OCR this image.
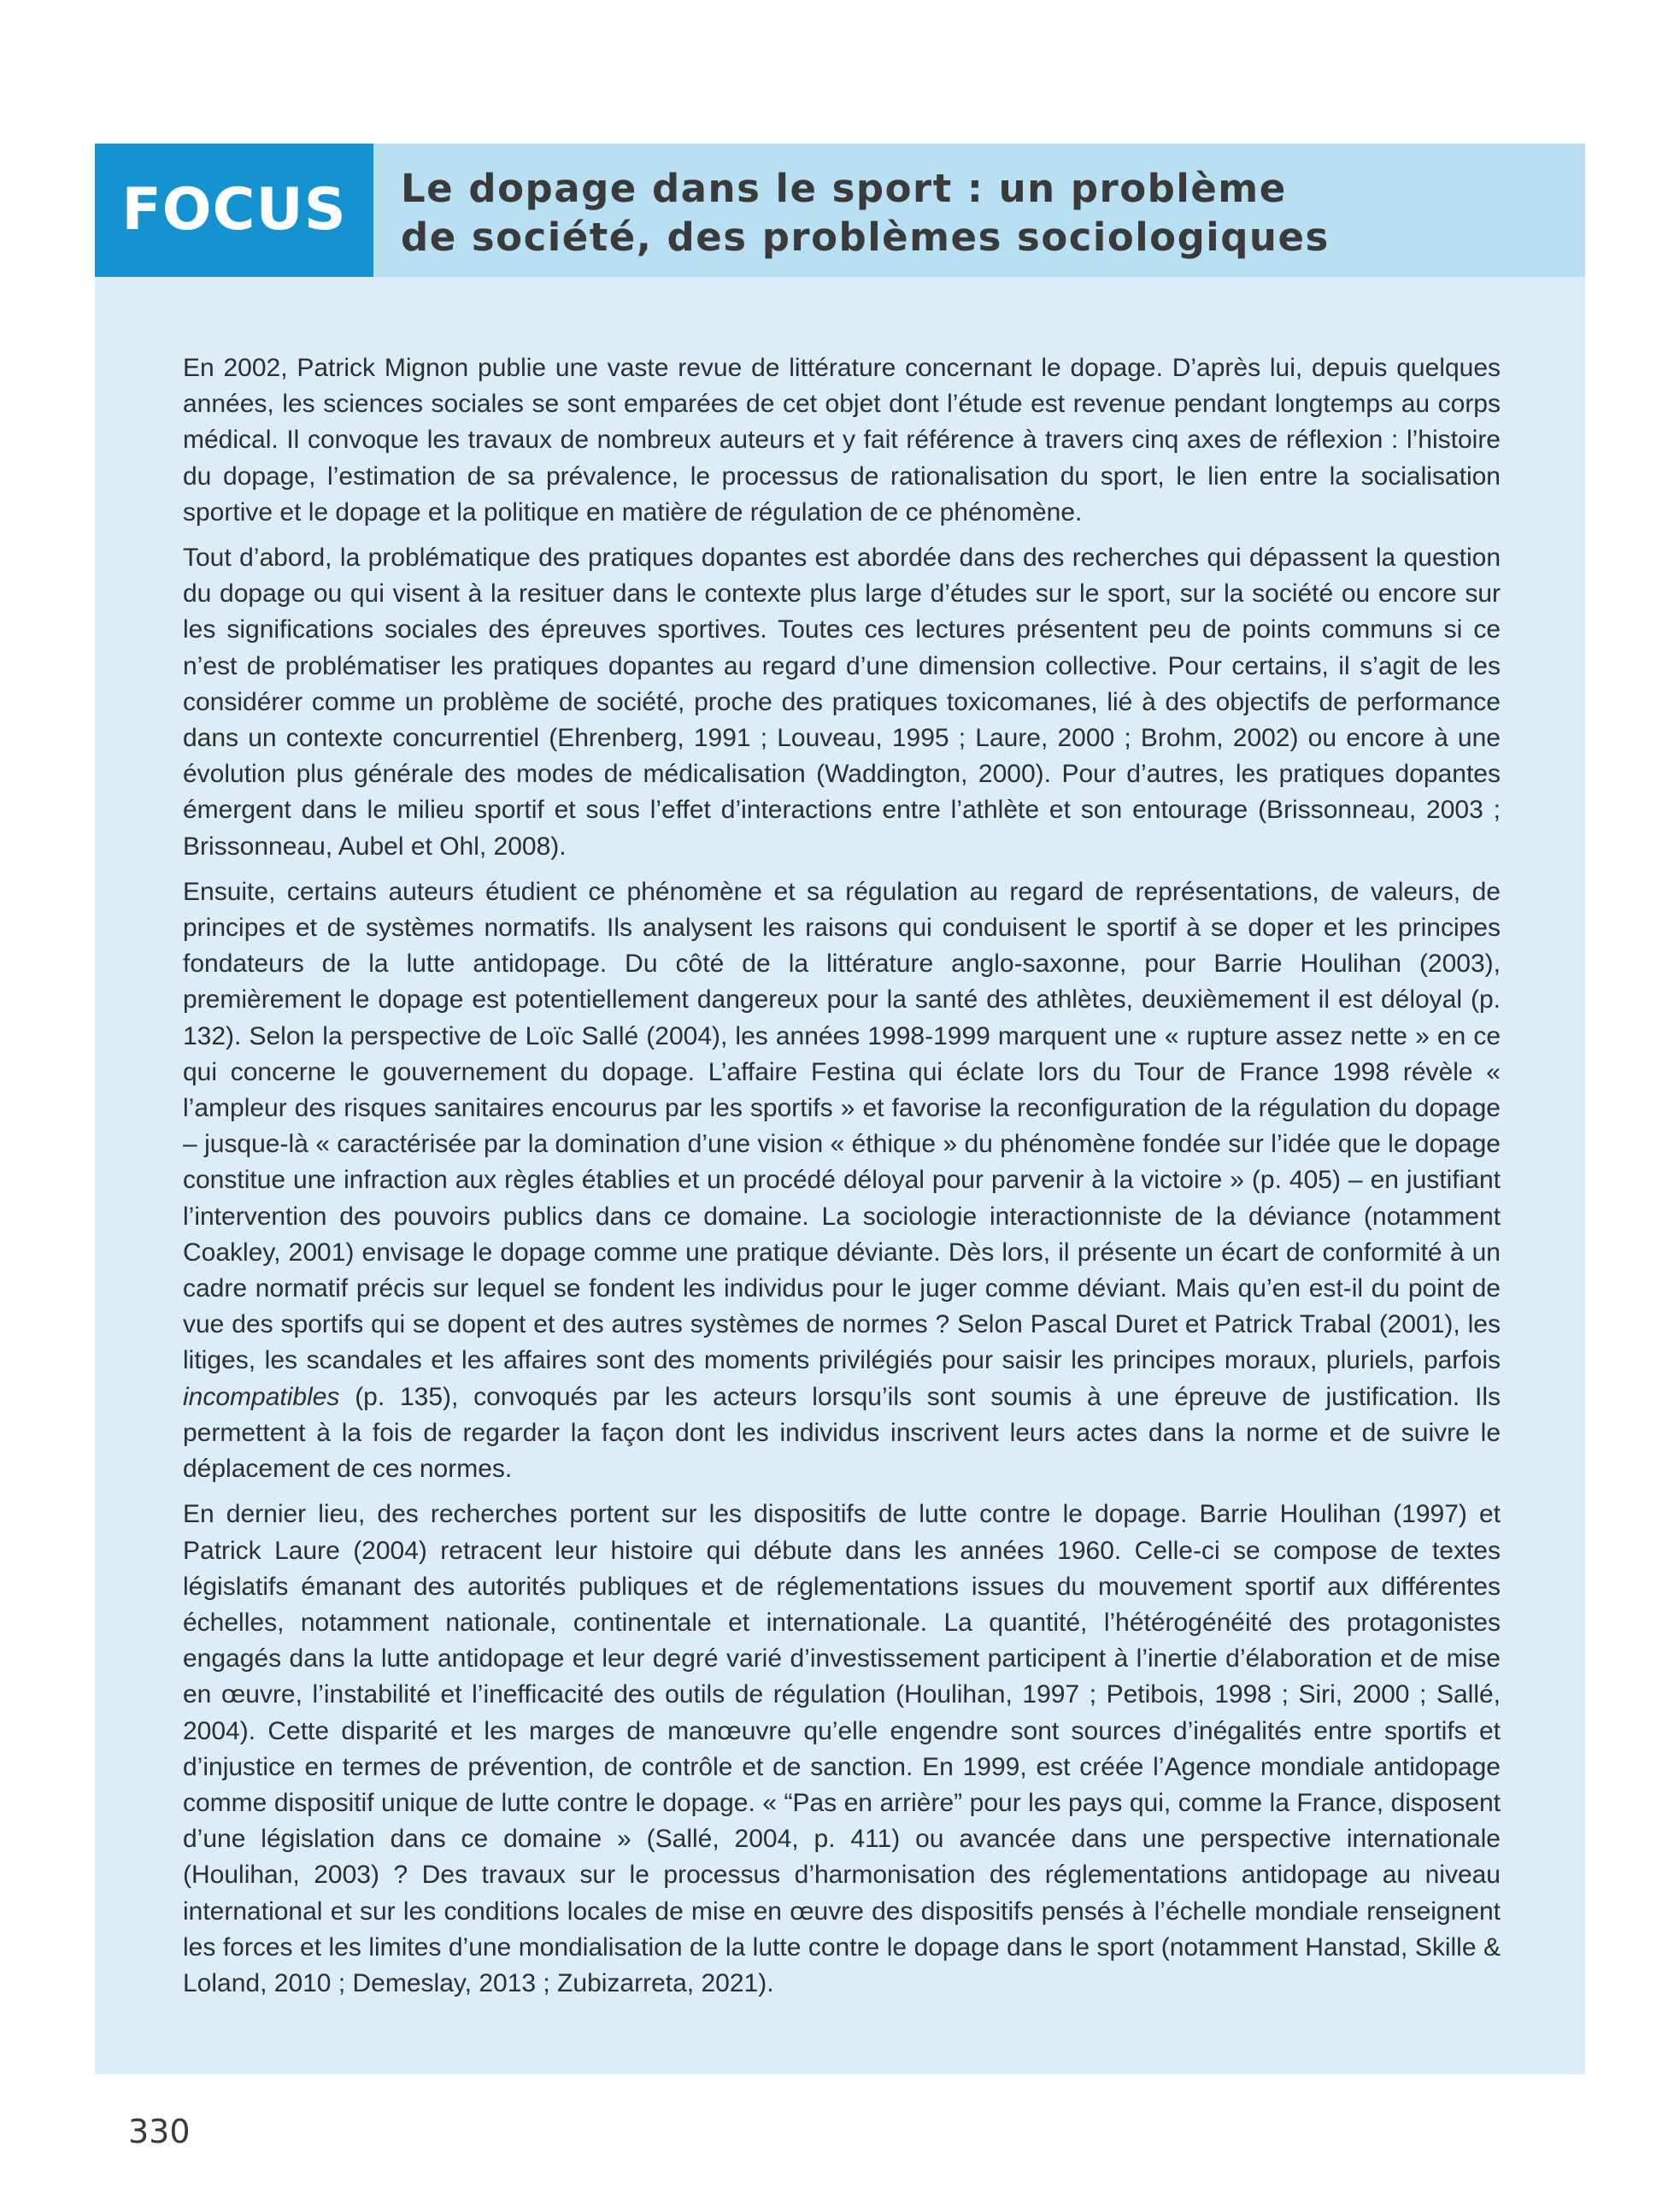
FOCUS	Le dopage dans le sport : un problème
de société, des problèmes sociologiques

En 2002, Patrick Mignon publie une vaste revue de littérature concernant le dopage. D’après lui, depuis quelques années, les sciences sociales se sont emparées de cet objet dont l’étude est revenue pendant longtemps au corps médical. Il convoque les travaux de nombreux auteurs et y fait référence à travers cinq axes de réflexion : l’histoire du dopage, l’estimation de sa prévalence, le processus de rationalisation du sport, le lien entre la socialisation sportive et le dopage et la politique en matière de régulation de ce phénomène.

Tout d’abord, la problématique des pratiques dopantes est abordée dans des recherches qui dépassent la question du dopage ou qui visent à la resituer dans le contexte plus large d’études sur le sport, sur la société ou encore sur les significations sociales des épreuves sportives. Toutes ces lectures présentent peu de points communs si ce n’est de problématiser les pratiques dopantes au regard d’une dimension collective. Pour certains, il s’agit de les considérer comme un problème de société, proche des pratiques toxicomanes, lié à des objectifs de performance dans un contexte concurrentiel (Ehrenberg, 1991 ; Louveau, 1995 ; Laure, 2000 ; Brohm, 2002) ou encore à une évolution plus générale des modes de médicalisation (Waddington, 2000). Pour d’autres, les pratiques dopantes émergent dans le milieu sportif et sous l’effet d’interactions entre l’athlète et son entourage (Brissonneau, 2003 ; Brissonneau, Aubel et Ohl, 2008).

Ensuite, certains auteurs étudient ce phénomène et sa régulation au regard de représentations, de valeurs, de principes et de systèmes normatifs. Ils analysent les raisons qui conduisent le sportif à se doper et les principes fondateurs de la lutte antidopage. Du côté de la littérature anglo-saxonne, pour Barrie Houlihan (2003), premièrement le dopage est potentiellement dangereux pour la santé des athlètes, deuxièmement il est déloyal (p. 132). Selon la perspective de Loïc Sallé (2004), les années 1998-1999 marquent une « rupture assez nette » en ce qui concerne le gouvernement du dopage. L’affaire Festina qui éclate lors du Tour de France 1998 révèle « l’ampleur des risques sanitaires encourus par les sportifs » et favorise la reconfiguration de la régulation du dopage – jusque-là « caractérisée par la domination d’une vision « éthique » du phénomène fondée sur l’idée que le dopage constitue une infraction aux règles établies et un procédé déloyal pour parvenir à la victoire » (p. 405) – en justifiant l’intervention des pouvoirs publics dans ce domaine. La sociologie interactionniste de la déviance (notamment Coakley, 2001) envisage le dopage comme une pratique déviante. Dès lors, il présente un écart de conformité à un cadre normatif précis sur lequel se fondent les individus pour le juger comme déviant. Mais qu’en est-il du point de vue des sportifs qui se dopent et des autres systèmes de normes ? Selon Pascal Duret et Patrick Trabal (2001), les litiges, les scandales et les affaires sont des moments privilégiés pour saisir les principes moraux, pluriels, parfois incompatibles (p. 135), convoqués par les acteurs lorsqu’ils sont soumis à une épreuve de justification. Ils permettent à la fois de regarder la façon dont les individus inscrivent leurs actes dans la norme et de suivre le déplacement de ces normes.

En dernier lieu, des recherches portent sur les dispositifs de lutte contre le dopage. Barrie Houlihan (1997) et Patrick Laure (2004) retracent leur histoire qui débute dans les années 1960. Celle-ci se compose de textes législatifs émanant des autorités publiques et de réglementations issues du mouvement sportif aux différentes échelles, notamment nationale, continentale et internationale. La quantité, l’hétérogénéité des protagonistes engagés dans la lutte antidopage et leur degré varié d’investissement participent à l’inertie d’élaboration et de mise en œuvre, l’instabilité et l’inefficacité des outils de régulation (Houlihan, 1997 ; Petibois, 1998 ; Siri, 2000 ; Sallé, 2004). Cette disparité et les marges de manœuvre qu’elle engendre sont sources d’inégalités entre sportifs et d’injustice en termes de prévention, de contrôle et de sanction. En 1999, est créée l’Agence mondiale antidopage comme dispositif unique de lutte contre le dopage. « “Pas en arrière” pour les pays qui, comme la France, disposent d’une législation dans ce domaine » (Sallé, 2004, p. 411) ou avancée dans une perspective internationale (Houlihan, 2003) ? Des travaux sur le processus d’harmonisation des réglementations antidopage au niveau international et sur les conditions locales de mise en œuvre des dispositifs pensés à l’échelle mondiale renseignent les forces et les limites d’une mondialisation de la lutte contre le dopage dans le sport (notamment Hanstad, Skille & Loland, 2010 ; Demeslay, 2013 ; Zubizarreta, 2021).

330
